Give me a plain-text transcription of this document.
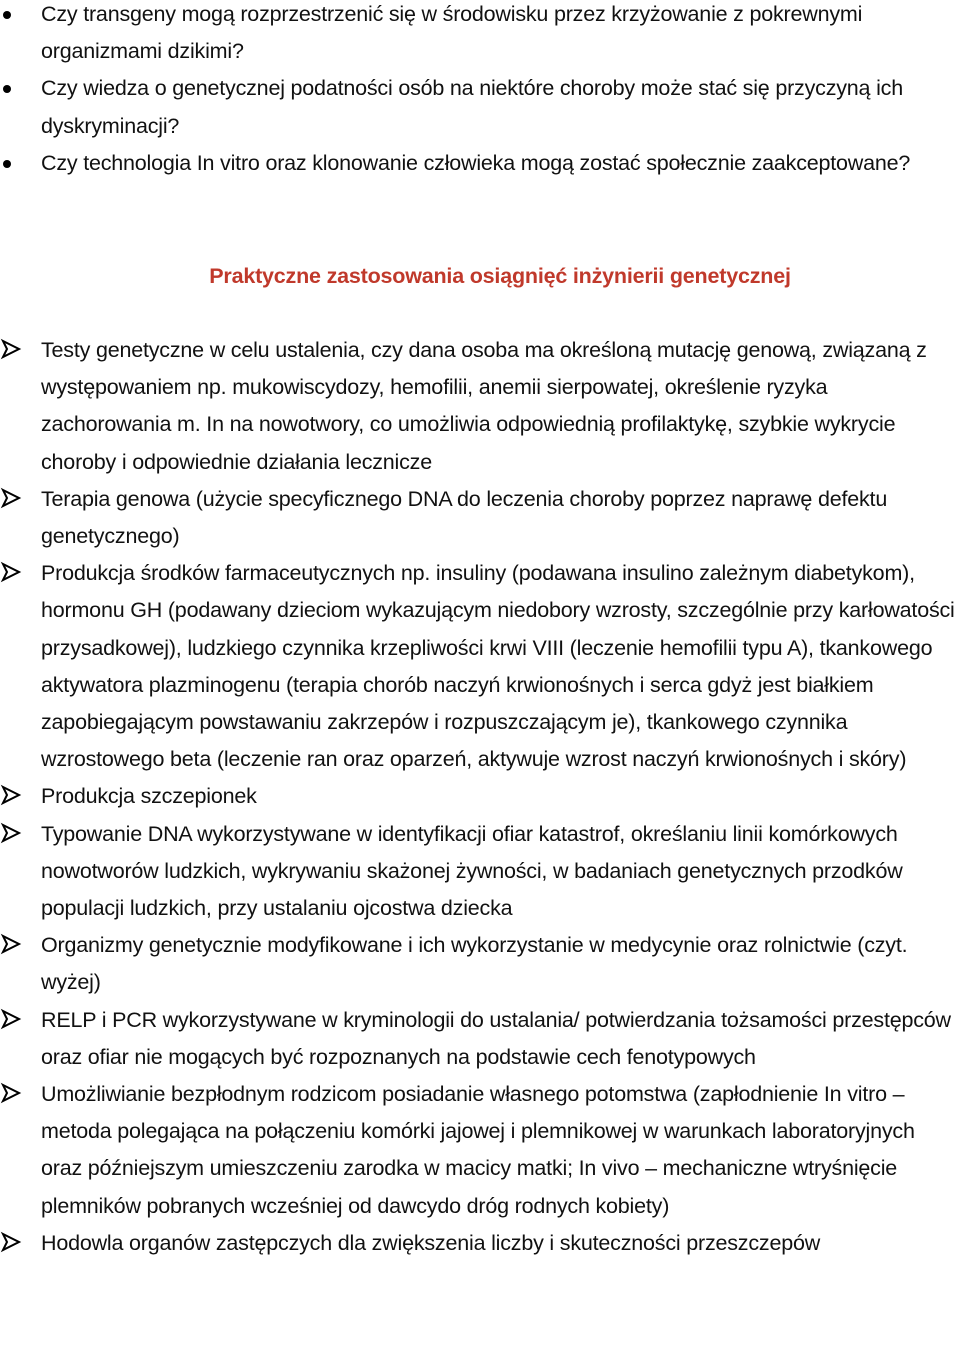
Czy transgeny mogą rozprzestrzenić się w środowisku przez krzyżowanie z pokrewnymi organizmami dzikimi?
Czy wiedza o genetycznej podatności osób na niektóre choroby może stać się przyczyną ich dyskryminacji?
Czy technologia In vitro oraz klonowanie człowieka mogą zostać społecznie zaakceptowane?
Praktyczne zastosowania osiągnięć inżynierii genetycznej
Testy genetyczne w celu ustalenia, czy dana osoba ma określoną mutację genową, związaną z występowaniem np. mukowiscydozy, hemofilii, anemii sierpowatej, określenie ryzyka zachorowania m. In na nowotwory, co umożliwia odpowiednią profilaktykę, szybkie wykrycie choroby i odpowiednie działania lecznicze
Terapia genowa (użycie specyficznego DNA do leczenia choroby poprzez naprawę defektu genetycznego)
Produkcja środków farmaceutycznych np. insuliny (podawana insulino zależnym diabetykom), hormonu GH (podawany dzieciom wykazującym niedobory wzrosty, szczególnie przy karłowatości przysadkowej), ludzkiego czynnika krzepliwości krwi VIII (leczenie hemofilii typu A), tkankowego aktywatora plazminogenu (terapia chorób naczyń krwionośnych i serca gdyż jest białkiem zapobiegającym powstawaniu zakrzepów i rozpuszczającym je), tkankowego czynnika wzrostowego beta (leczenie ran oraz oparzeń, aktywuje wzrost naczyń krwionośnych i skóry)
Produkcja szczepionek
Typowanie DNA wykorzystywane w identyfikacji ofiar katastrof, określaniu linii komórkowych nowotworów ludzkich, wykrywaniu skażonej żywności, w badaniach genetycznych przodków populacji ludzkich, przy ustalaniu ojcostwa dziecka
Organizmy genetycznie modyfikowane i ich wykorzystanie w medycynie oraz rolnictwie (czyt. wyżej)
RELP i PCR wykorzystywane w kryminologii do ustalania/ potwierdzania tożsamości przestępców oraz ofiar nie mogących być rozpoznanych na podstawie cech fenotypowych
Umożliwianie bezpłodnym rodzicom posiadanie własnego potomstwa (zapłodnienie In vitro – metoda polegająca na połączeniu komórki jajowej i plemnikowej w warunkach laboratoryjnych oraz późniejszym umieszczeniu zarodka w macicy matki; In vivo – mechaniczne wtryśnięcie plemników pobranych wcześniej od dawcydo dróg rodnych kobiety)
Hodowla organów zastępczych dla zwiększenia liczby i skuteczności przeszczepów
